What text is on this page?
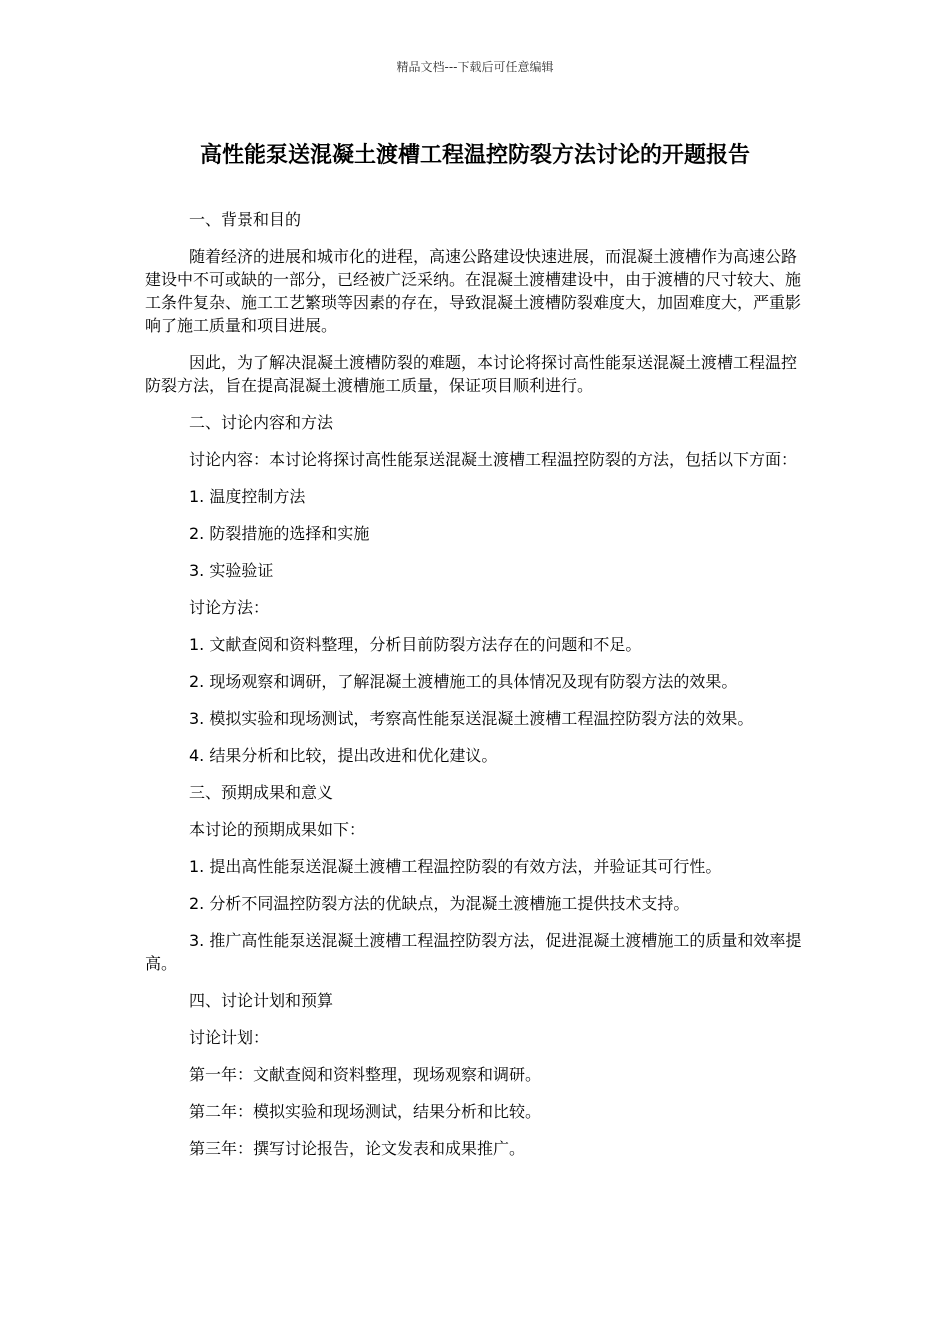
精品文档---下载后可任意编辑
高性能泵送混凝土渡槽工程温控防裂方法讨论的开题报告

一、背景和目的

随着经济的进展和城市化的进程，高速公路建设快速进展，而混凝土渡槽作为高速公路建设中不可或缺的一部分，已经被广泛采纳。在混凝土渡槽建设中，由于渡槽的尺寸较大、施工条件复杂、施工工艺繁琐等因素的存在，导致混凝土渡槽防裂难度大，加固难度大，严重影响了施工质量和项目进展。

因此，为了解决混凝土渡槽防裂的难题，本讨论将探讨高性能泵送混凝土渡槽工程温控防裂方法，旨在提高混凝土渡槽施工质量，保证项目顺利进行。

二、讨论内容和方法

讨论内容：本讨论将探讨高性能泵送混凝土渡槽工程温控防裂的方法，包括以下方面：

1. 温度控制方法

2. 防裂措施的选择和实施

3. 实验验证

讨论方法：

1. 文献查阅和资料整理，分析目前防裂方法存在的问题和不足。

2. 现场观察和调研，了解混凝土渡槽施工的具体情况及现有防裂方法的效果。

3. 模拟实验和现场测试，考察高性能泵送混凝土渡槽工程温控防裂方法的效果。

4. 结果分析和比较，提出改进和优化建议。

三、预期成果和意义

本讨论的预期成果如下：

1. 提出高性能泵送混凝土渡槽工程温控防裂的有效方法，并验证其可行性。

2. 分析不同温控防裂方法的优缺点，为混凝土渡槽施工提供技术支持。

3. 推广高性能泵送混凝土渡槽工程温控防裂方法，促进混凝土渡槽施工的质量和效率提高。

四、讨论计划和预算

讨论计划：

第一年：文献查阅和资料整理，现场观察和调研。

第二年：模拟实验和现场测试，结果分析和比较。

第三年：撰写讨论报告，论文发表和成果推广。
